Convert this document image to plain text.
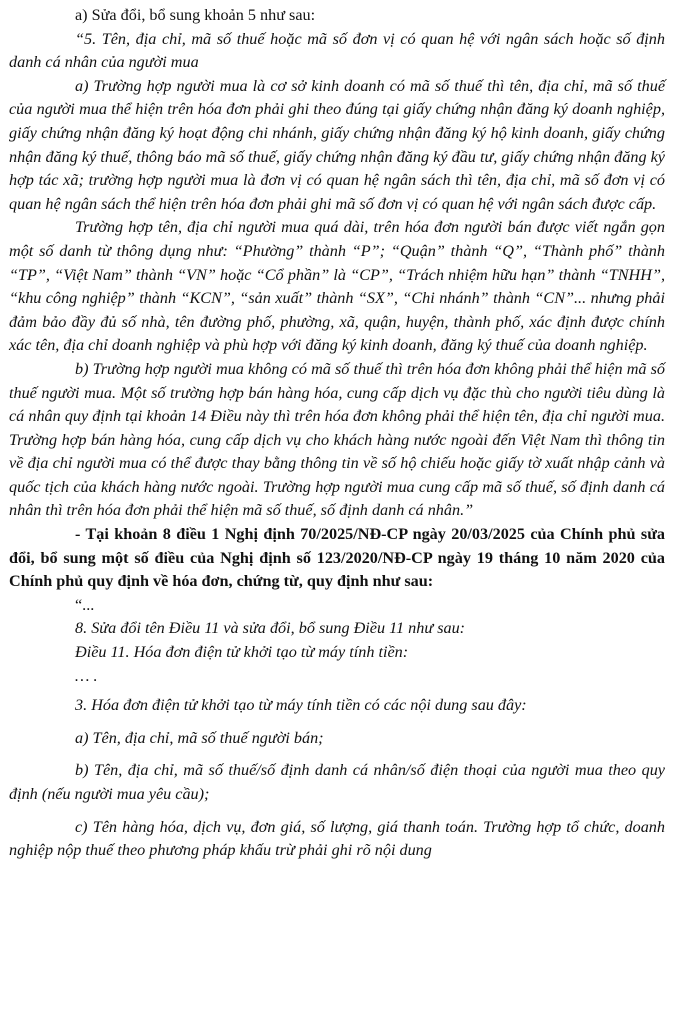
a) Sửa đổi, bổ sung khoản 5 như sau:

“5. Tên, địa chỉ, mã số thuế hoặc mã số đơn vị có quan hệ với ngân sách hoặc số định danh cá nhân của người mua

a) Trường hợp người mua là cơ sở kinh doanh có mã số thuế thì tên, địa chỉ, mã số thuế của người mua thể hiện trên hóa đơn phải ghi theo đúng tại giấy chứng nhận đăng ký doanh nghiệp, giấy chứng nhận đăng ký hoạt động chi nhánh, giấy chứng nhận đăng ký hộ kinh doanh, giấy chứng nhận đăng ký thuế, thông báo mã số thuế, giấy chứng nhận đăng ký đầu tư, giấy chứng nhận đăng ký hợp tác xã; trường hợp người mua là đơn vị có quan hệ ngân sách thì tên, địa chỉ, mã số đơn vị có quan hệ ngân sách thể hiện trên hóa đơn phải ghi mã số đơn vị có quan hệ với ngân sách được cấp.

Trường hợp tên, địa chỉ người mua quá dài, trên hóa đơn người bán được viết ngắn gọn một số danh từ thông dụng như: “Phường” thành “P”; “Quận” thành “Q”, “Thành phố” thành “TP”, “Việt Nam” thành “VN” hoặc “Cổ phần” là “CP”, “Trách nhiệm hữu hạn” thành “TNHH”, “khu công nghiệp” thành “KCN”, “sản xuất” thành “SX”, “Chi nhánh” thành “CN”... nhưng phải đảm bảo đầy đủ số nhà, tên đường phố, phường, xã, quận, huyện, thành phố, xác định được chính xác tên, địa chỉ doanh nghiệp và phù hợp với đăng ký kinh doanh, đăng ký thuế của doanh nghiệp.

b) Trường hợp người mua không có mã số thuế thì trên hóa đơn không phải thể hiện mã số thuế người mua. Một số trường hợp bán hàng hóa, cung cấp dịch vụ đặc thù cho người tiêu dùng là cá nhân quy định tại khoản 14 Điều này thì trên hóa đơn không phải thể hiện tên, địa chỉ người mua. Trường hợp bán hàng hóa, cung cấp dịch vụ cho khách hàng nước ngoài đến Việt Nam thì thông tin về địa chỉ người mua có thể được thay bằng thông tin về số hộ chiếu hoặc giấy tờ xuất nhập cảnh và quốc tịch của khách hàng nước ngoài. Trường hợp người mua cung cấp mã số thuế, số định danh cá nhân thì trên hóa đơn phải thể hiện mã số thuế, số định danh cá nhân.”

- Tại khoản 8 điều 1 Nghị định 70/2025/NĐ-CP ngày 20/03/2025 của Chính phủ sửa đổi, bổ sung một số điều của Nghị định số 123/2020/NĐ-CP ngày 19 tháng 10 năm 2020 của Chính phủ quy định về hóa đơn, chứng từ, quy định như sau:

“...

8. Sửa đổi tên Điều 11 và sửa đổi, bổ sung Điều 11 như sau:

Điều 11. Hóa đơn điện tử khởi tạo từ máy tính tiền:

… .

3. Hóa đơn điện tử khởi tạo từ máy tính tiền có các nội dung sau đây:

a) Tên, địa chỉ, mã số thuế người bán;

b) Tên, địa chỉ, mã số thuế/số định danh cá nhân/số điện thoại của người mua theo quy định (nếu người mua yêu cầu);

c) Tên hàng hóa, dịch vụ, đơn giá, số lượng, giá thanh toán. Trường hợp tổ chức, doanh nghiệp nộp thuế theo phương pháp khấu trừ phải ghi rõ nội dung
